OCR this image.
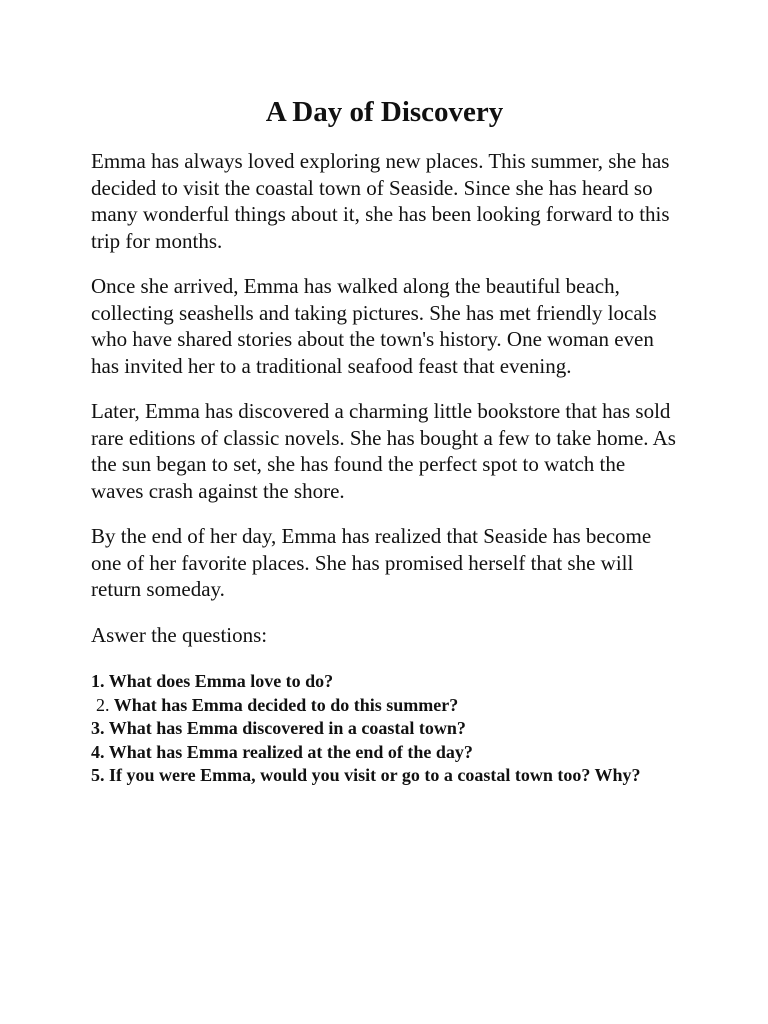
A Day of Discovery

Emma has always loved exploring new places. This summer, she has decided to visit the coastal town of Seaside. Since she has heard so many wonderful things about it, she has been looking forward to this trip for months.

Once she arrived, Emma has walked along the beautiful beach, collecting seashells and taking pictures. She has met friendly locals who have shared stories about the town's history. One woman even has invited her to a traditional seafood feast that evening.

Later, Emma has discovered a charming little bookstore that has sold rare editions of classic novels. She has bought a few to take home. As the sun began to set, she has found the perfect spot to watch the waves crash against the shore.

By the end of her day, Emma has realized that Seaside has become one of her favorite places. She has promised herself that she will return someday.

Aswer the questions:

1. What does Emma love to do?
2. What has Emma decided to do this summer?
3. What has Emma discovered in a coastal town?
4. What has Emma realized at the end of the day?
5. If you were Emma, would you visit or go to a coastal town too? Why?
